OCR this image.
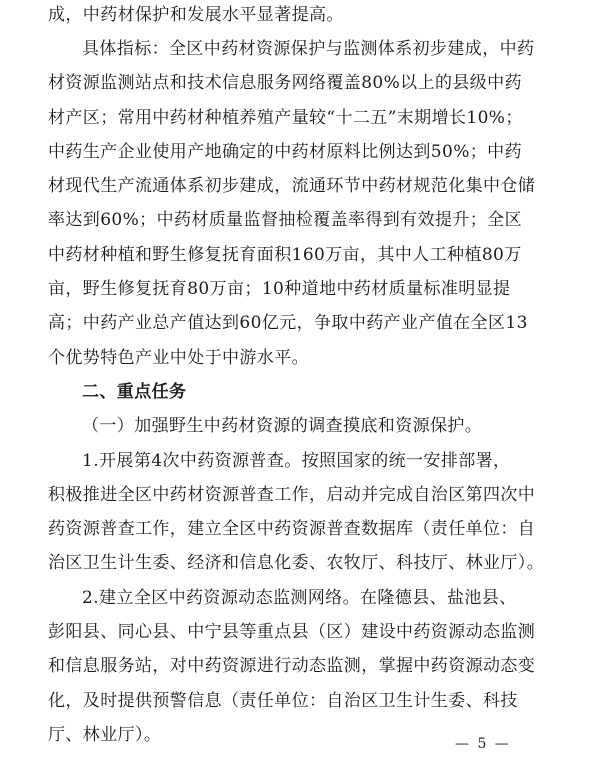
成，中药材保护和发展水平显著提高。
具体指标：全区中药材资源保护与监测体系初步建成，中药
材资源监测站点和技术信息服务网络覆盖80%以上的县级中药
材产区；常用中药材种植养殖产量较“十二五”末期增长10%；
中药生产企业使用产地确定的中药材原料比例达到50%；中药
材现代生产流通体系初步建成，流通环节中药材规范化集中仓储
率达到60%；中药材质量监督抽检覆盖率得到有效提升；全区
中药材种植和野生修复抚育面积160万亩，其中人工种植80万
亩，野生修复抚育80万亩；10种道地中药材质量标准明显提
高；中药产业总产值达到60亿元，争取中药产业产值在全区13
个优势特色产业中处于中游水平。
二、重点任务
（一）加强野生中药材资源的调查摸底和资源保护。
1.开展第4次中药资源普查。按照国家的统一安排部署，
积极推进全区中药材资源普查工作，启动并完成自治区第四次中
药资源普查工作，建立全区中药资源普查数据库（责任单位：自
治区卫生计生委、经济和信息化委、农牧厅、科技厅、林业厅）。
2.建立全区中药资源动态监测网络。在隆德县、盐池县、
彭阳县、同心县、中宁县等重点县（区）建设中药资源动态监测
和信息服务站，对中药资源进行动态监测，掌握中药资源动态变
化，及时提供预警信息（责任单位：自治区卫生计生委、科技
厅、林业厅）。	— 5 —
